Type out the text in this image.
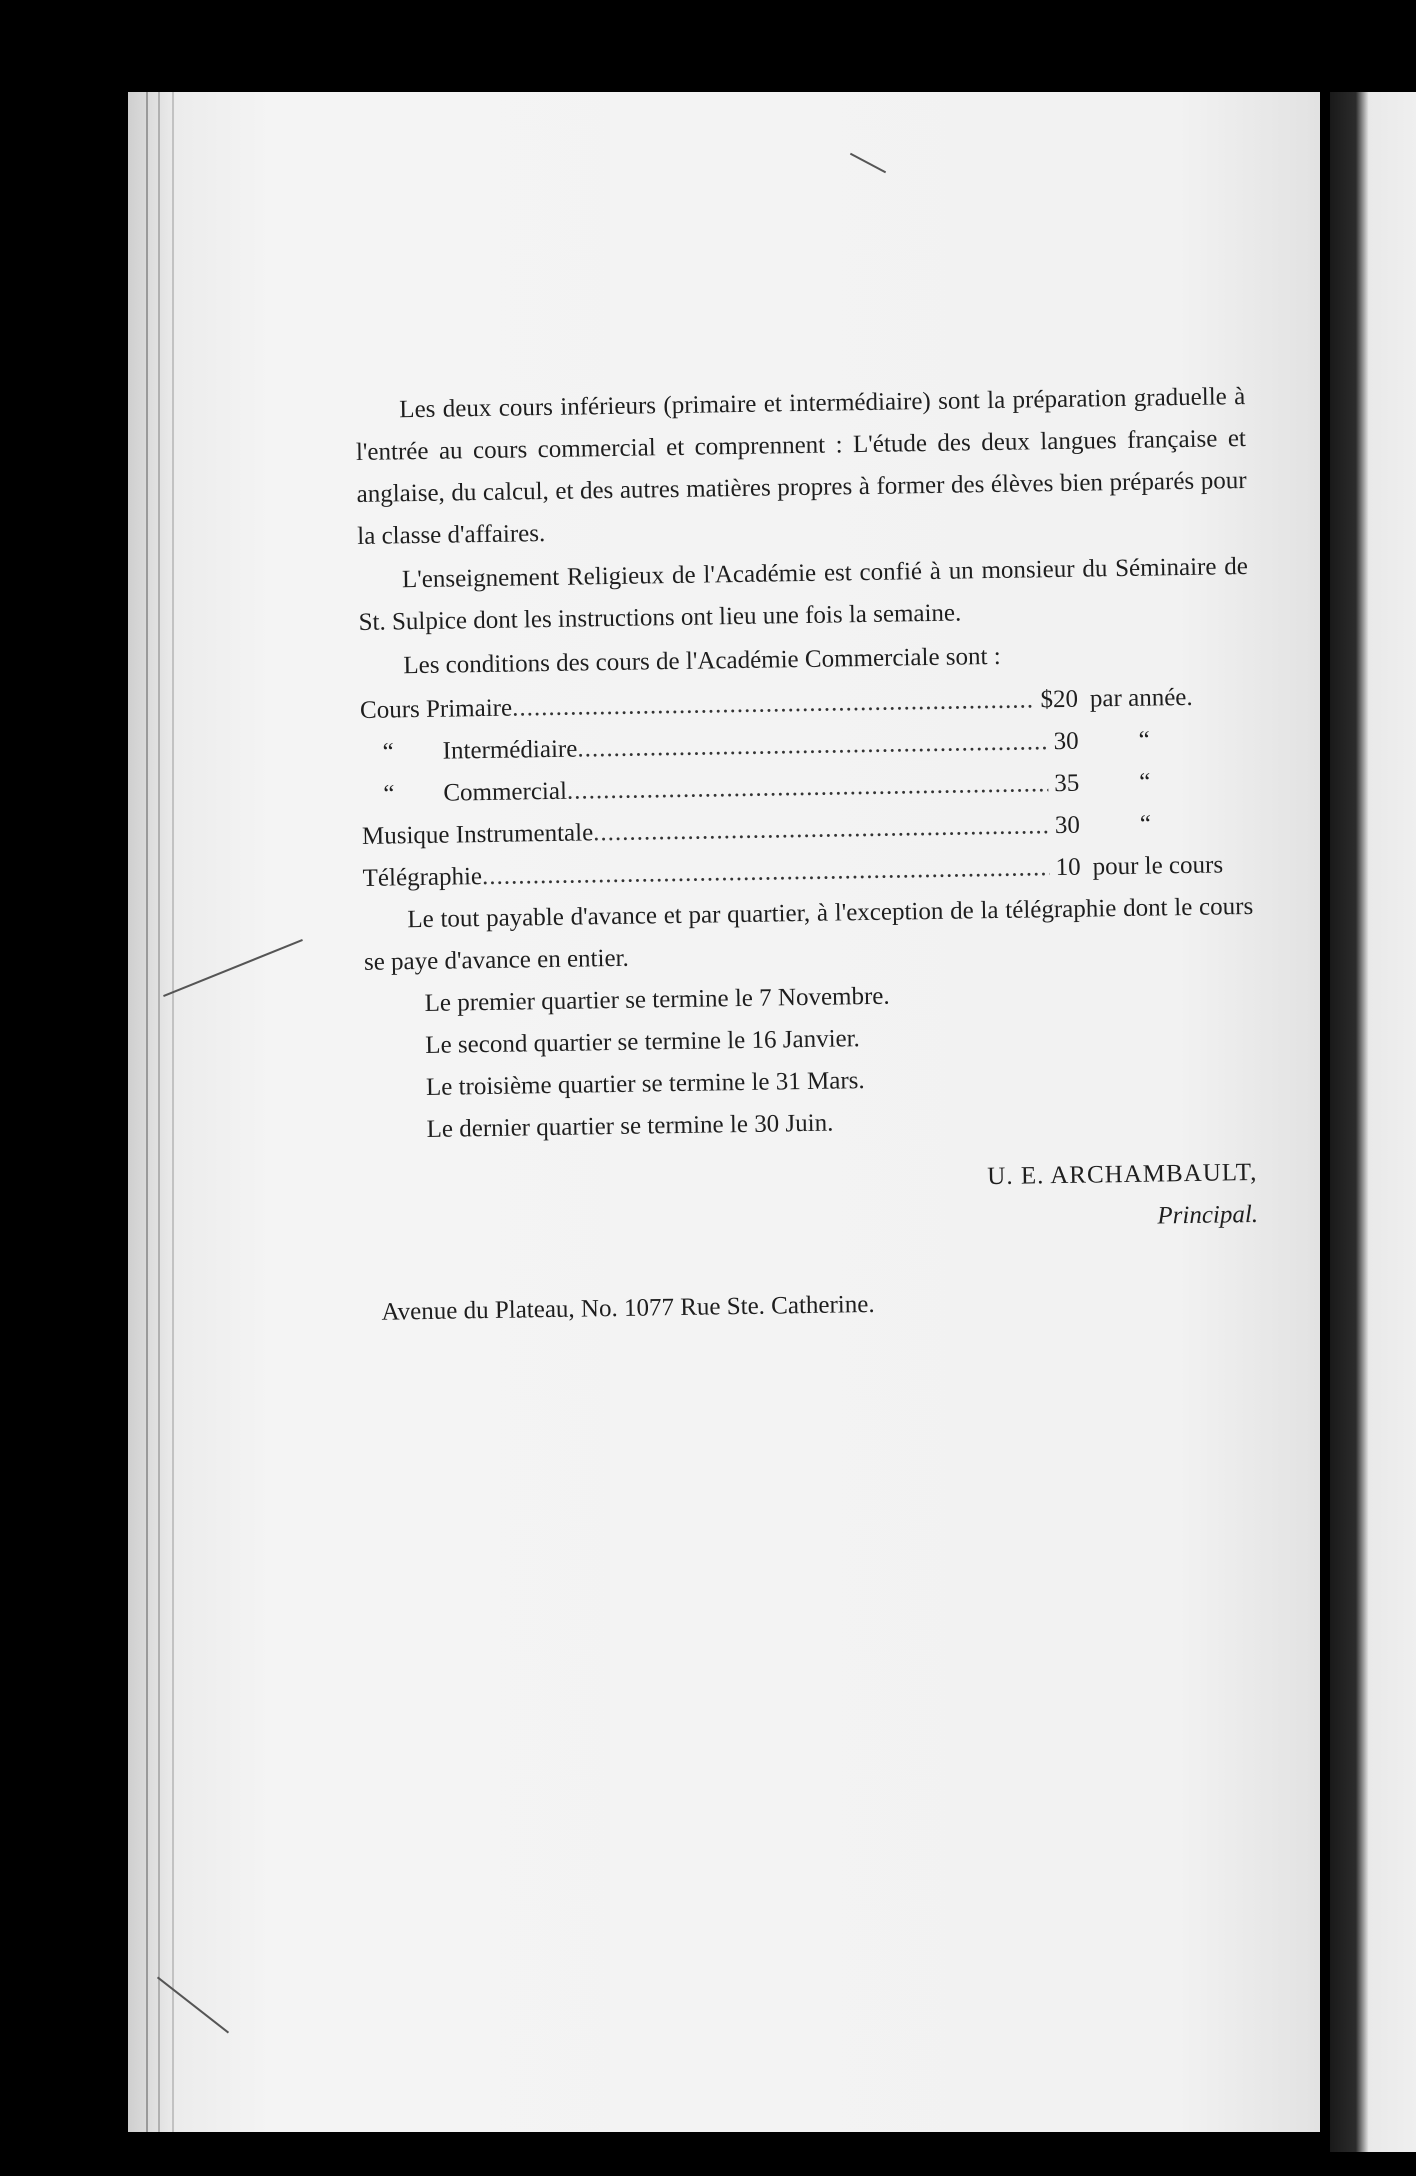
Les deux cours inférieurs (primaire et intermédiaire) sont la préparation graduelle à l'entrée au cours commercial et comprennent : L'étude des deux langues française et anglaise, du calcul, et des autres matières propres à former des élèves bien préparés pour la classe d'affaires.

L'enseignement Religieux de l'Académie est confié à un monsieur du Séminaire de St. Sulpice dont les instructions ont lieu une fois la semaine.

Les conditions des cours de l'Académie Commerciale sont :

Cours Primaire .....	$20 par année.
“	Intermédiaire .....	30	“
“	Commercial .....	35	“
Musique Instrumentale .....	30	“
Télégraphie .....	10 pour le cours

Le tout payable d'avance et par quartier, à l'exception de la télégraphie dont le cours se paye d'avance en entier.

Le premier quartier se termine le 7 Novembre.

Le second quartier se termine le 16 Janvier.

Le troisième quartier se termine le 31 Mars.

Le dernier quartier se termine le 30 Juin.

U. E. ARCHAMBAULT,

Principal.

Avenue du Plateau, No. 1077 Rue Ste. Catherine.
